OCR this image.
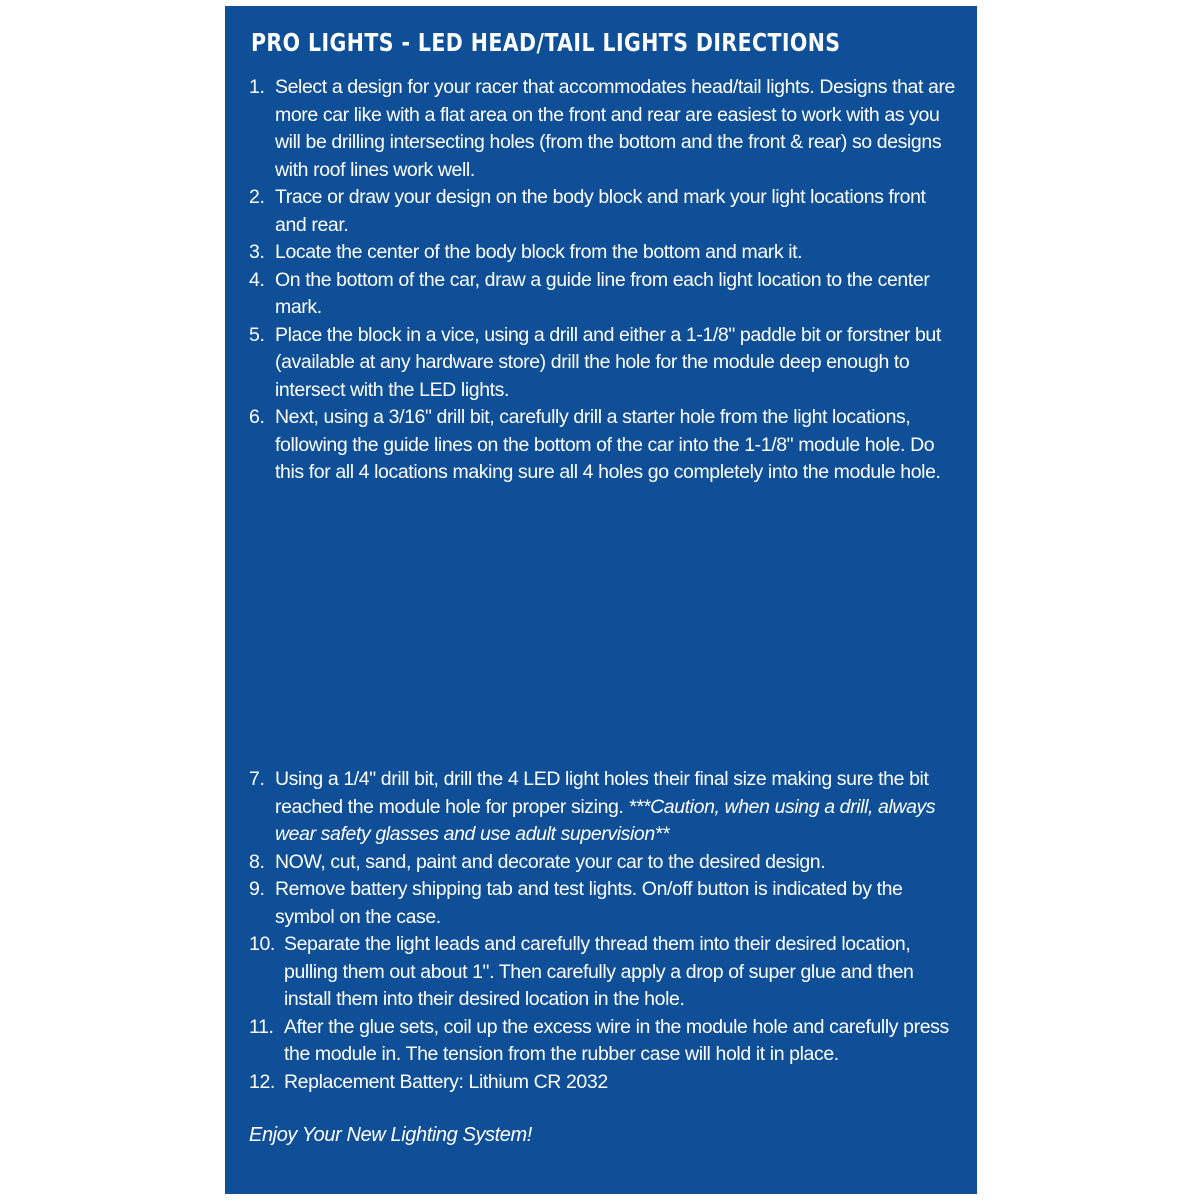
PRO LIGHTS - LED HEAD/TAIL LIGHTS DIRECTIONS
1. Select a design for your racer that accommodates head/tail lights. Designs that are more car like with a flat area on the front and rear are easiest to work with as you will be drilling intersecting holes (from the bottom and the front & rear) so designs with roof lines work well.
2. Trace or draw your design on the body block and mark your light locations front and rear.
3. Locate the center of the body block from the bottom and mark it.
4. On the bottom of the car, draw a guide line from each light location to the center mark.
5. Place the block in a vice, using a drill and either a 1-1/8" paddle bit or forstner but (available at any hardware store) drill the hole for the module deep enough to intersect with the LED lights.
6. Next, using a 3/16" drill bit, carefully drill a starter hole from the light locations, following the guide lines on the bottom of the car into the 1-1/8" module hole. Do this for all 4 locations making sure all 4 holes go completely into the module hole.
7. Using a 1/4" drill bit, drill the 4 LED light holes their final size making sure the bit reached the module hole for proper sizing. ***Caution, when using a drill, always wear safety glasses and use adult supervision**
8. NOW, cut, sand, paint and decorate your car to the desired design.
9. Remove battery shipping tab and test lights. On/off button is indicated by the symbol on the case.
10. Separate the light leads and carefully thread them into their desired location, pulling them out about 1". Then carefully apply a drop of super glue and then install them into their desired location in the hole.
11. After the glue sets, coil up the excess wire in the module hole and carefully press the module in. The tension from the rubber case will hold it in place.
12. Replacement Battery: Lithium CR 2032

Enjoy Your New Lighting System!
